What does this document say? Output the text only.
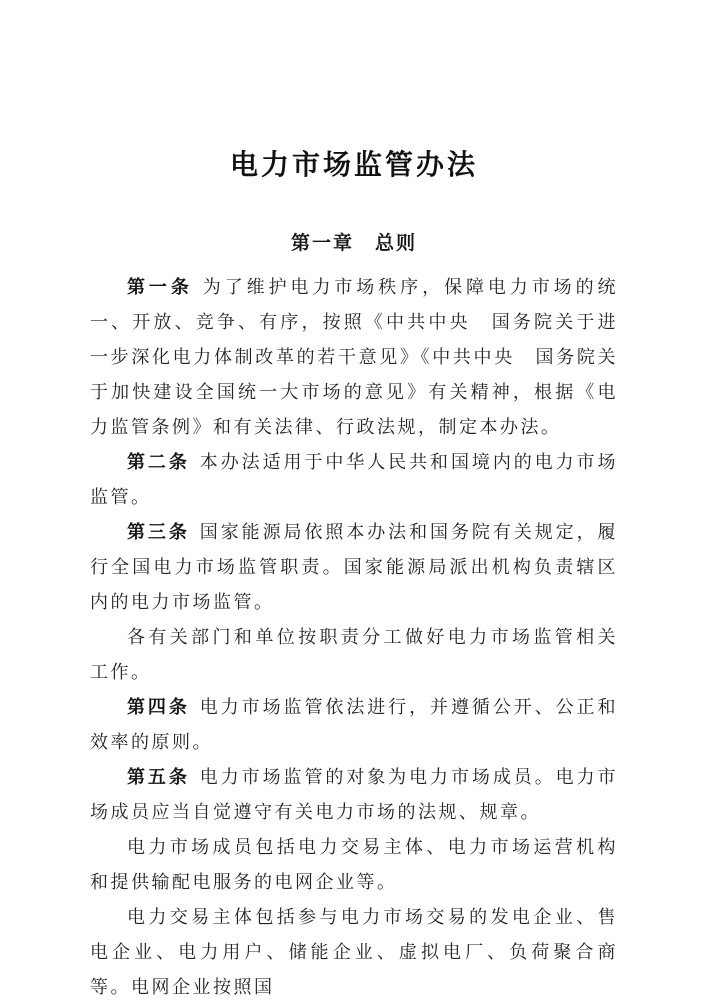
电力市场监管办法
第一章　总则

第一条 为了维护电力市场秩序，保障电力市场的统一、开放、竞争、有序，按照《中共中央　国务院关于进一步深化电力体制改革的若干意见》《中共中央　国务院关于加快建设全国统一大市场的意见》有关精神，根据《电力监管条例》和有关法律、行政法规，制定本办法。

第二条 本办法适用于中华人民共和国境内的电力市场监管。

第三条 国家能源局依照本办法和国务院有关规定，履行全国电力市场监管职责。国家能源局派出机构负责辖区内的电力市场监管。

各有关部门和单位按职责分工做好电力市场监管相关工作。

第四条 电力市场监管依法进行，并遵循公开、公正和效率的原则。

第五条 电力市场监管的对象为电力市场成员。电力市场成员应当自觉遵守有关电力市场的法规、规章。

电力市场成员包括电力交易主体、电力市场运营机构和提供输配电服务的电网企业等。

电力交易主体包括参与电力市场交易的发电企业、售电企业、电力用户、储能企业、虚拟电厂、负荷聚合商等。电网企业按照国
